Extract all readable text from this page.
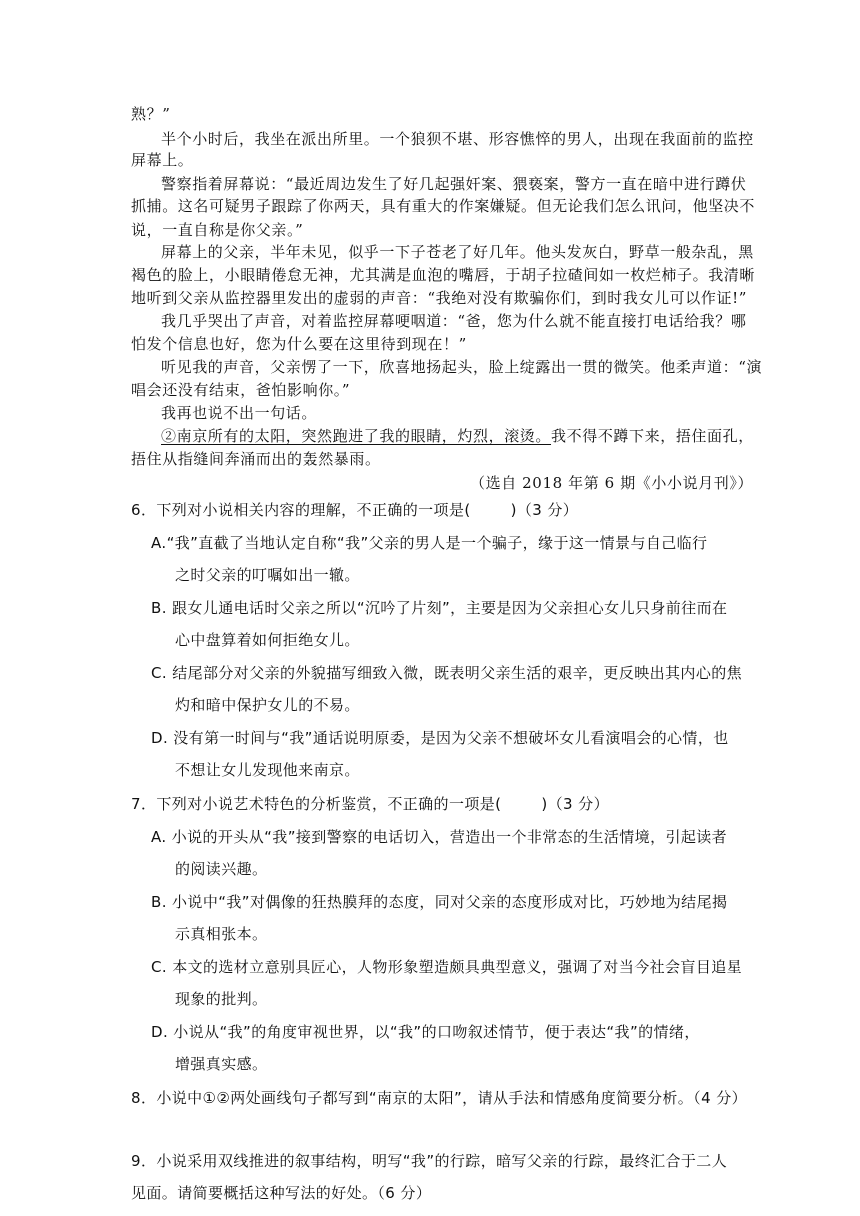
熟？”
半个小时后，我坐在派出所里。一个狼狈不堪、形容憔悴的男人，出现在我面前的监控
屏幕上。
警察指着屏幕说：“最近周边发生了好几起强奸案、猥亵案，警方一直在暗中进行蹲伏
抓捕。这名可疑男子跟踪了你两天，具有重大的作案嫌疑。但无论我们怎么讯问，他坚决不
说，一直自称是你父亲。”
屏幕上的父亲，半年未见，似乎一下子苍老了好几年。他头发灰白，野草一般杂乱，黑
褐色的脸上，小眼睛倦怠无神，尤其满是血泡的嘴唇，于胡子拉碴间如一枚烂柿子。我清晰
地听到父亲从监控器里发出的虚弱的声音：“我绝对没有欺骗你们，到时我女儿可以作证!”
我几乎哭出了声音，对着监控屏幕哽咽道：“爸，您为什么就不能直接打电话给我？哪
怕发个信息也好，您为什么要在这里待到现在！”
听见我的声音，父亲愣了一下，欣喜地扬起头，脸上绽露出一贯的微笑。他柔声道：“演
唱会还没有结束，爸怕影响你。”
我再也说不出一句话。
②南京所有的太阳，突然跑进了我的眼睛，灼烈，滚烫。我不得不蹲下来，捂住面孔，
捂住从指缝间奔涌而出的轰然暴雨。
（选自 2018 年第 6 期《小小说月刊》）
6．下列对小说相关内容的理解，不正确的一项是(	)（3 分）
A.“我”直截了当地认定自称“我”父亲的男人是一个骗子，缘于这一情景与自己临行
之时父亲的叮嘱如出一辙。
B. 跟女儿通电话时父亲之所以“沉吟了片刻”，主要是因为父亲担心女儿只身前往而在
心中盘算着如何拒绝女儿。
C. 结尾部分对父亲的外貌描写细致入微，既表明父亲生活的艰辛，更反映出其内心的焦
灼和暗中保护女儿的不易。
D. 没有第一时间与“我”通话说明原委，是因为父亲不想破坏女儿看演唱会的心情，也
不想让女儿发现他来南京。
7．下列对小说艺术特色的分析鉴赏，不正确的一项是(	)（3 分）
A. 小说的开头从“我”接到警察的电话切入，营造出一个非常态的生活情境，引起读者
的阅读兴趣。
B. 小说中“我”对偶像的狂热膜拜的态度，同对父亲的态度形成对比，巧妙地为结尾揭
示真相张本。
C. 本文的选材立意别具匠心，人物形象塑造颇具典型意义，强调了对当今社会盲目追星
现象的批判。
D. 小说从“我”的角度审视世界，以“我”的口吻叙述情节，便于表达“我”的情绪，
增强真实感。
8．小说中①②两处画线句子都写到“南京的太阳”，请从手法和情感角度简要分析。（4 分）
9．小说采用双线推进的叙事结构，明写“我”的行踪，暗写父亲的行踪，最终汇合于二人
见面。请简要概括这种写法的好处。（6 分）
